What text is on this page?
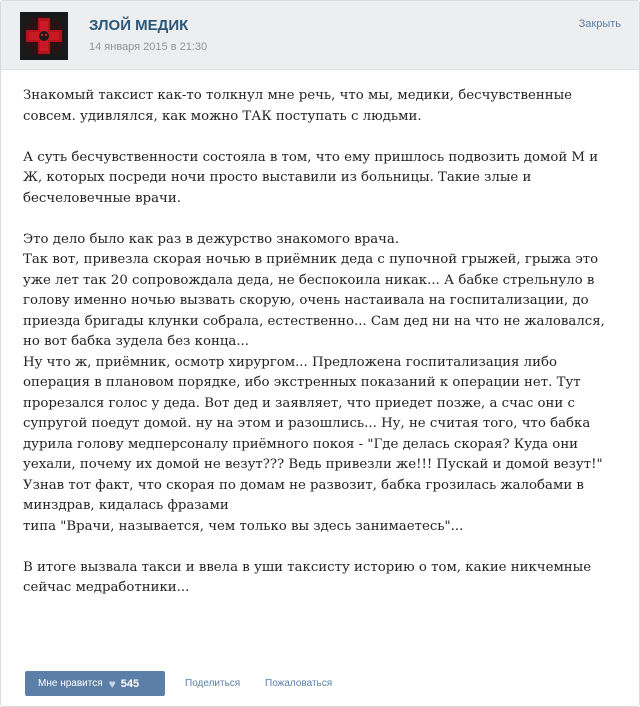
ЗЛОЙ МЕДИК
14 января 2015 в 21:30
Закрыть

Знакомый таксист как-то толкнул мне речь, что мы, медики, бесчувственные

совсем. удивлялся, как можно ТАК поступать с людьми.

А суть бесчувственности состояла в том, что ему пришлось подвозить домой М и

Ж, которых посреди ночи просто выставили из больницы. Такие злые и

бесчеловечные врачи.

Это дело было как раз в дежурство знакомого врача.

Так вот, привезла скорая ночью в приёмник деда с пупочной грыжей, грыжа это

уже лет так 20 сопровождала деда, не беспокоила никак... А бабке стрельнуло в

голову именно ночью вызвать скорую, очень настаивала на госпитализации, до

приезда бригады клунки собрала, естественно... Сам дед ни на что не жаловался,

но вот бабка зудела без конца...

Ну что ж, приёмник, осмотр хирургом... Предложена госпитализация либо

операция в плановом порядке, ибо экстренных показаний к операции нет. Тут

прорезался голос у деда. Вот дед и заявляет, что приедет позже, а счас они с

супругой поедут домой. ну на этом и разошлись... Ну, не считая того, что бабка

дурила голову медперсоналу приёмного покоя - "Где делась скорая? Куда они

уехали, почему их домой не везут??? Ведь привезли же!!! Пускай и домой везут!"

Узнав тот факт, что скорая по домам не развозит, бабка грозилась жалобами в

минздрав, кидалась фразами

типа "Врачи, называется, чем только вы здесь занимаетесь"...

В итоге вызвала такси и ввела в уши таксисту историю о том, какие никчемные

сейчас медработники...

Мне нравится ♥ 545	Поделиться Пожаловаться
